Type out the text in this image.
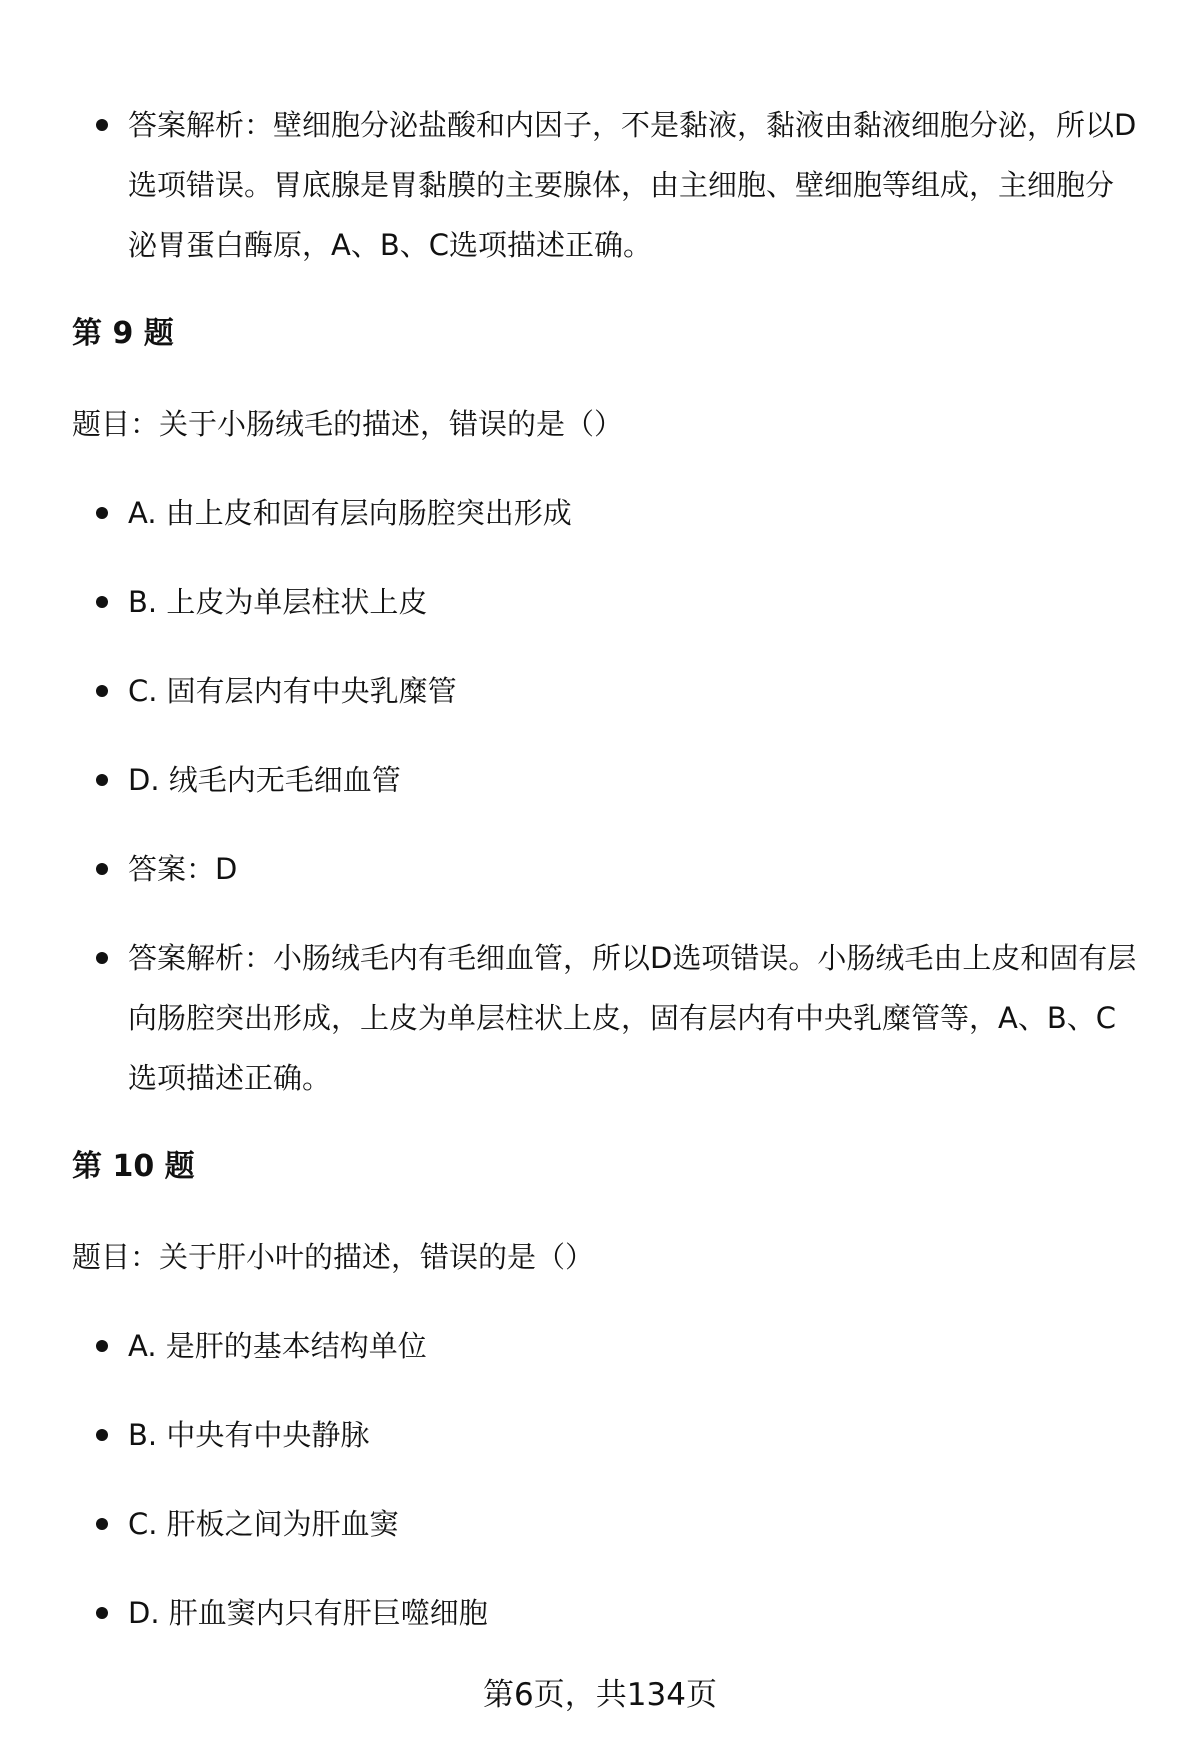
答案解析：壁细胞分泌盐酸和内因子，不是黏液，黏液由黏液细胞分泌，所以D选项错误。胃底腺是胃黏膜的主要腺体，由主细胞、壁细胞等组成，主细胞分泌胃蛋白酶原，A、B、C选项描述正确。
第 9 题
题目：关于小肠绒毛的描述，错误的是（）
A. 由上皮和固有层向肠腔突出形成
B. 上皮为单层柱状上皮
C. 固有层内有中央乳糜管
D. 绒毛内无毛细血管
答案：D
答案解析：小肠绒毛内有毛细血管，所以D选项错误。小肠绒毛由上皮和固有层向肠腔突出形成，上皮为单层柱状上皮，固有层内有中央乳糜管等，A、B、C选项描述正确。
第 10 题
题目：关于肝小叶的描述，错误的是（）
A. 是肝的基本结构单位
B. 中央有中央静脉
C. 肝板之间为肝血窦
D. 肝血窦内只有肝巨噬细胞
第6页，共134页
